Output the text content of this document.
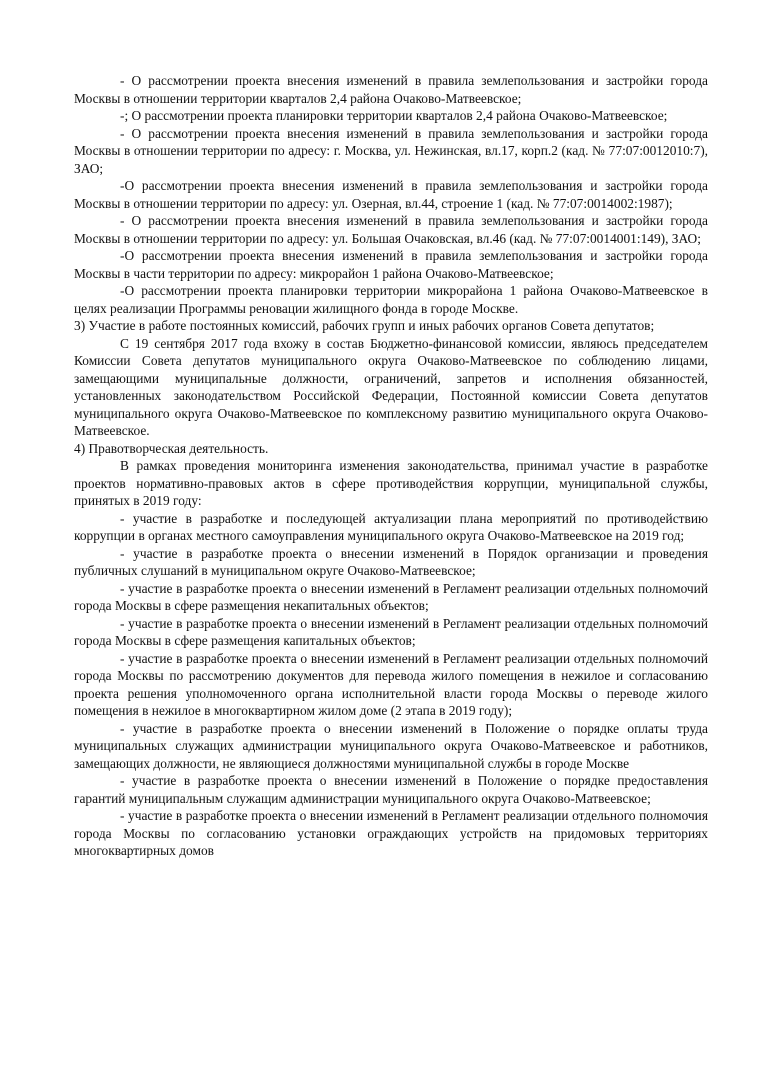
- О рассмотрении проекта внесения изменений в правила землепользования и застройки города Москвы в отношении территории кварталов 2,4 района Очаково-Матвеевское;

-; О рассмотрении проекта планировки территории кварталов 2,4 района Очаково-Матвеевское;

- О рассмотрении проекта внесения изменений в правила землепользования и застройки города Москвы в отношении территории по адресу: г. Москва, ул. Нежинская, вл.17, корп.2 (кад. № 77:07:0012010:7), ЗАО;

-О рассмотрении проекта внесения изменений в правила землепользования и застройки города Москвы в отношении территории по адресу: ул. Озерная, вл.44, строение 1 (кад. № 77:07:0014002:1987);

- О рассмотрении проекта внесения изменений в правила землепользования и застройки города Москвы в отношении территории по адресу: ул. Большая Очаковская, вл.46 (кад. № 77:07:0014001:149), ЗАО;

-О рассмотрении проекта внесения изменений в правила землепользования и застройки города Москвы в части территории по адресу: микрорайон 1 района Очаково-Матвеевское;

-О рассмотрении проекта планировки территории микрорайона 1 района Очаково-Матвеевское в целях реализации Программы реновации жилищного фонда в городе Москве.

3) Участие в работе постоянных комиссий, рабочих групп и иных рабочих органов Совета депутатов;

С 19 сентября 2017 года вхожу в состав Бюджетно-финансовой комиссии, являюсь председателем Комиссии Совета депутатов муниципального округа Очаково-Матвеевское по соблюдению лицами, замещающими муниципальные должности, ограничений, запретов и исполнения обязанностей, установленных законодательством Российской Федерации, Постоянной комиссии Совета депутатов муниципального округа Очаково-Матвеевское по комплексному развитию муниципального округа Очаково-Матвеевское.

4) Правотворческая деятельность.

В рамках проведения мониторинга изменения законодательства, принимал участие в разработке проектов нормативно-правовых актов в сфере противодействия коррупции, муниципальной службы, принятых в 2019 году:

- участие в разработке и последующей актуализации плана мероприятий по противодействию коррупции в органах местного самоуправления муниципального округа Очаково-Матвеевское на 2019 год;

- участие в разработке проекта о внесении изменений в Порядок организации и проведения публичных слушаний в муниципальном округе Очаково-Матвеевское;

- участие в разработке проекта о внесении изменений в Регламент реализации отдельных полномочий города Москвы в сфере размещения некапитальных объектов;

- участие в разработке проекта о внесении изменений в Регламент реализации отдельных полномочий города Москвы в сфере размещения капитальных объектов;

- участие в разработке проекта о внесении изменений в Регламент реализации отдельных полномочий города Москвы по рассмотрению документов для перевода жилого помещения в нежилое и согласованию проекта решения уполномоченного органа исполнительной власти города Москвы о переводе жилого помещения в нежилое в многоквартирном жилом доме (2 этапа в 2019 году);

- участие в разработке проекта о внесении изменений в Положение о порядке оплаты труда муниципальных служащих администрации муниципального округа Очаково-Матвеевское и работников, замещающих должности, не являющиеся должностями муниципальной службы в городе Москве

- участие в разработке проекта о внесении изменений в Положение о порядке предоставления гарантий муниципальным служащим администрации муниципального округа Очаково-Матвеевское;

- участие в разработке проекта о внесении изменений в Регламент реализации отдельного полномочия города Москвы по согласованию установки ограждающих устройств на придомовых территориях многоквартирных домов
